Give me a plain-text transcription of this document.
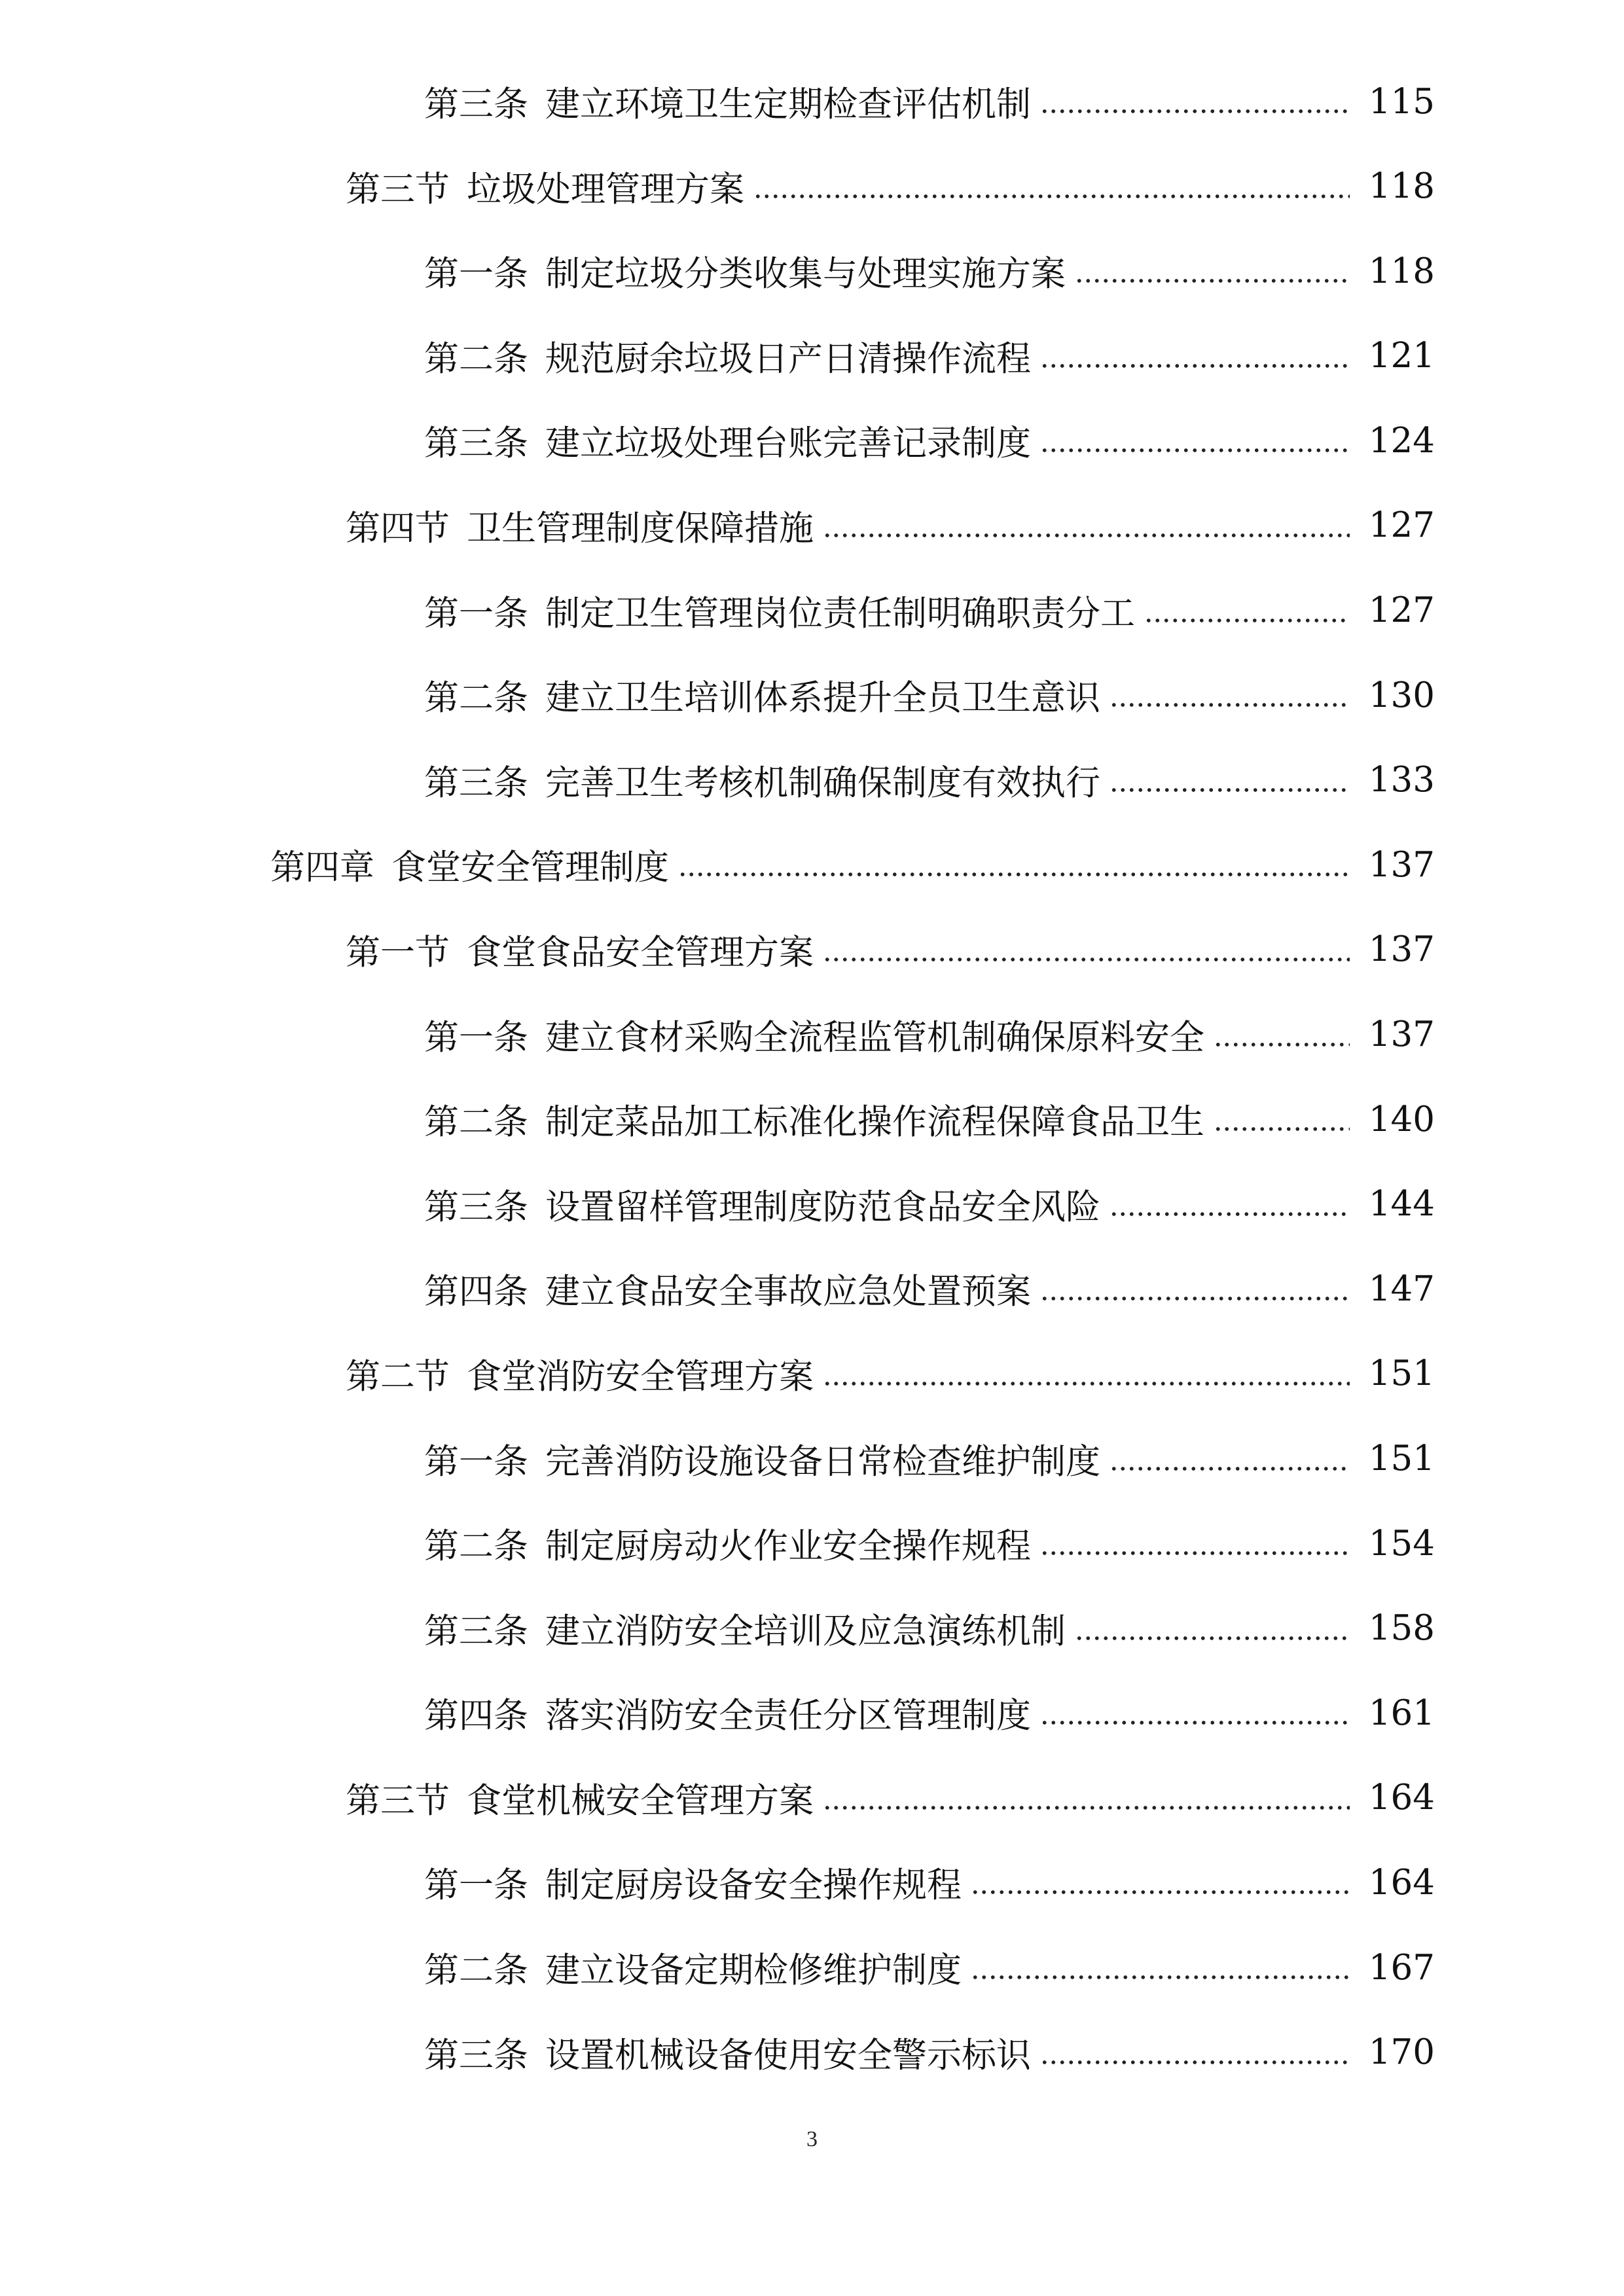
第三条 建立环境卫生定期检查评估机制	115
第三节 垃圾处理管理方案	118
第一条 制定垃圾分类收集与处理实施方案	118
第二条 规范厨余垃圾日产日清操作流程	121
第三条 建立垃圾处理台账完善记录制度	124
第四节 卫生管理制度保障措施	127
第一条 制定卫生管理岗位责任制明确职责分工	127
第二条 建立卫生培训体系提升全员卫生意识	130
第三条 完善卫生考核机制确保制度有效执行	133
第四章 食堂安全管理制度	137
第一节 食堂食品安全管理方案	137
第一条 建立食材采购全流程监管机制确保原料安全	137
第二条 制定菜品加工标准化操作流程保障食品卫生	140
第三条 设置留样管理制度防范食品安全风险	144
第四条 建立食品安全事故应急处置预案	147
第二节 食堂消防安全管理方案	151
第一条 完善消防设施设备日常检查维护制度	151
第二条 制定厨房动火作业安全操作规程	154
第三条 建立消防安全培训及应急演练机制	158
第四条 落实消防安全责任分区管理制度	161
第三节 食堂机械安全管理方案	164
第一条 制定厨房设备安全操作规程	164
第二条 建立设备定期检修维护制度	167
第三条 设置机械设备使用安全警示标识	170
3
